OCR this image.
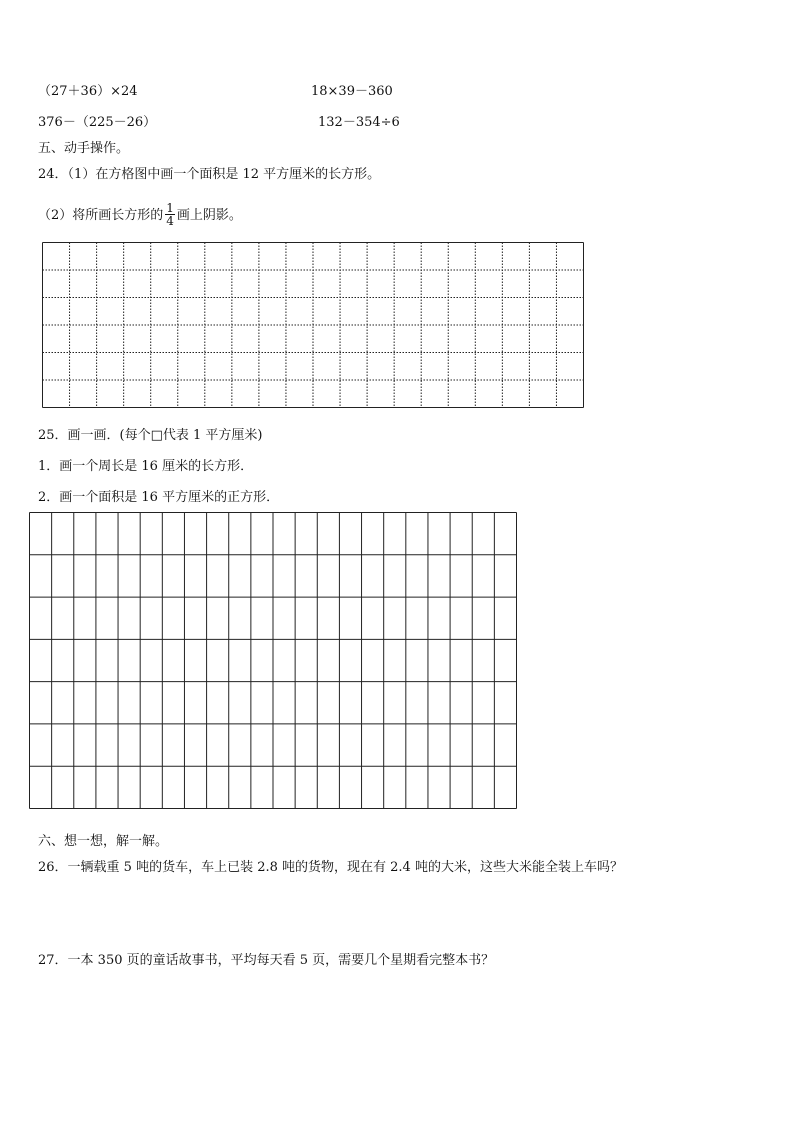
（27＋36）×24	18×39－360
376－（225－26）	132－354÷6
五、动手操作。
24．（1）在方格图中画一个面积是 12 平方厘米的长方形。
（2）将所画长方形的 $\frac{1}{4}$ 画上阴影。
25．画一画．(每个□代表 1 平方厘米)
1．画一个周长是 16 厘米的长方形．
2．画一个面积是 16 平方厘米的正方形．
六、想一想，解一解。
26．一辆载重 5 吨的货车，车上已装 2.8 吨的货物，现在有 2.4 吨的大米，这些大米能全装上车吗？
27．一本 350 页的童话故事书，平均每天看 5 页，需要几个星期看完整本书？
